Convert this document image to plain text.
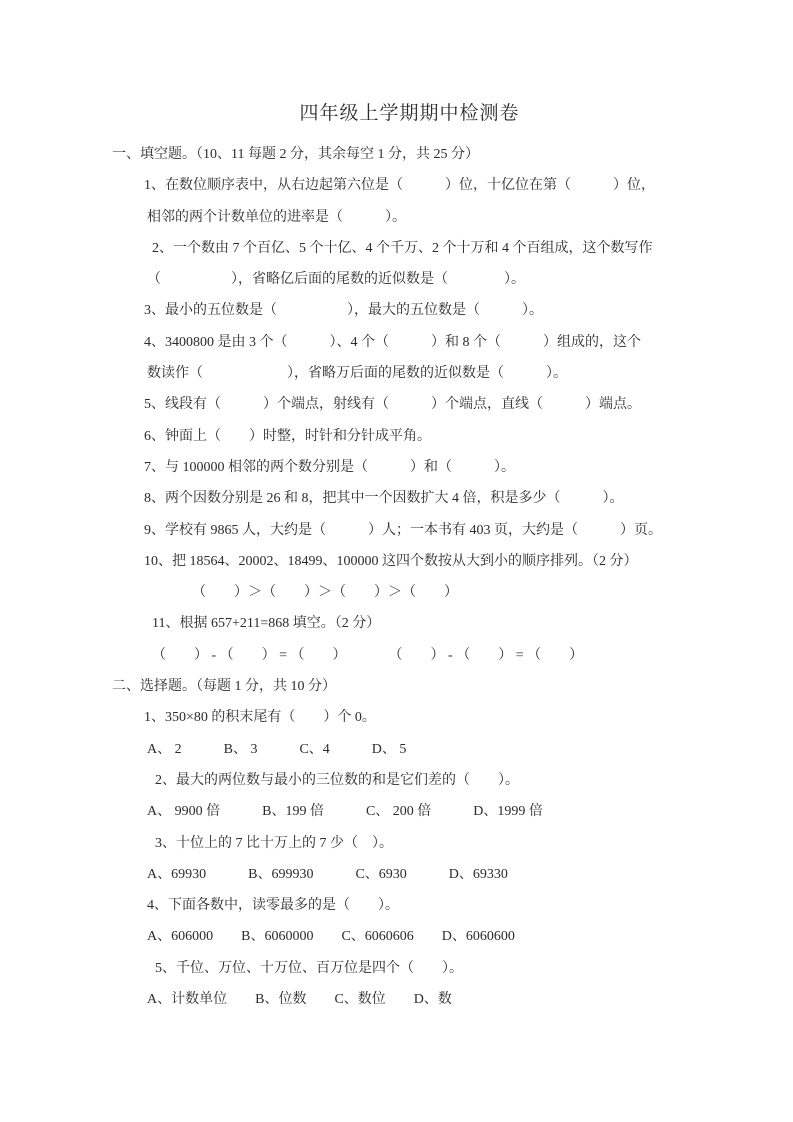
四年级上学期期中检测卷

一、填空题。（10、11 每题 2 分，其余每空 1 分，共 25 分）

1、在数位顺序表中，从右边起第六位是（　　　）位，十亿位在第（　　　）位，

相邻的两个计数单位的进率是（　　　）。

2、一个数由 7 个百亿、5 个十亿、4 个千万、2 个十万和 4 个百组成，这个数写作

（　　　　　），省略亿后面的尾数的近似数是（　　　　）。

3、最小的五位数是（　　　　　），最大的五位数是（　　　）。

4、3400800 是由 3 个（　　　）、4 个（　　　）和 8 个（　　　）组成的，这个

数读作（　　　　　　），省略万后面的尾数的近似数是（　　　）。

5、线段有（　　　）个端点，射线有（　　　）个端点，直线（　　　）端点。

6、钟面上（　　）时整，时针和分针成平角。

7、与 100000 相邻的两个数分别是（　　　）和（　　　）。

8、两个因数分别是 26 和 8，把其中一个因数扩大 4 倍，积是多少（　　　）。

9、学校有 9865 人，大约是（　　　）人；一本书有 403 页，大约是（　　　）页。

10、把 18564、20002、18499、100000 这四个数按从大到小的顺序排列。（2 分）

（　　）＞（　　）＞（　　）＞（　　）

11、根据 657+211=868 填空。（2 分）

（　　） - （　　） = （　　）　　　　（　　） - （　　） = （　　）

二、选择题。（每题 1 分，共 10 分）

1、350×80 的积末尾有（　　）个 0。

A、 2　　　B、 3　　　C、4　　　D、 5

2、最大的两位数与最小的三位数的和是它们差的（　　）。

A、 9900 倍　　　B、199 倍　　　C、 200 倍　　　D、1999 倍

3、十位上的 7 比十万上的 7 少（　）。

A、69930　　　B、699930　　　C、6930　　　D、69330

4、下面各数中，读零最多的是（　　）。

A、606000　　B、6060000　　C、6060606　　D、6060600

5、千位、万位、十万位、百万位是四个（　　）。

A、计数单位　　B、位数　　C、数位　　D、数
